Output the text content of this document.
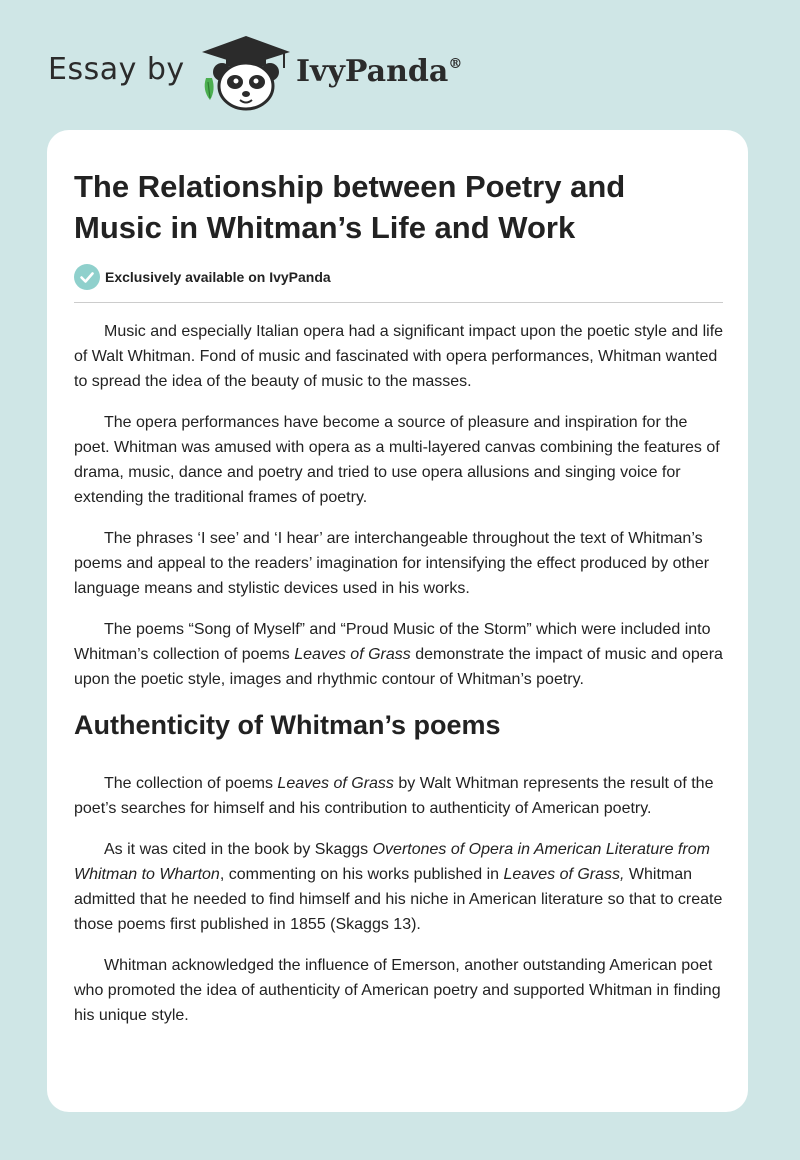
Essay by	IvyPanda®
The Relationship between Poetry and Music in Whitman’s Life and Work
Exclusively available on IvyPanda

Music and especially Italian opera had a significant impact upon the poetic style and life of Walt Whitman. Fond of music and fascinated with opera performances, Whitman wanted to spread the idea of the beauty of music to the masses.

The opera performances have become a source of pleasure and inspiration for the poet. Whitman was amused with opera as a multi-layered canvas combining the features of drama, music, dance and poetry and tried to use opera allusions and singing voice for extending the traditional frames of poetry.

The phrases ‘I see’ and ‘I hear’ are interchangeable throughout the text of Whitman’s poems and appeal to the readers’ imagination for intensifying the effect produced by other language means and stylistic devices used in his works.

The poems “Song of Myself” and “Proud Music of the Storm” which were included into Whitman’s collection of poems Leaves of Grass demonstrate the impact of music and opera upon the poetic style, images and rhythmic contour of Whitman’s poetry.

Authenticity of Whitman’s poems

The collection of poems Leaves of Grass by Walt Whitman represents the result of the poet’s searches for himself and his contribution to authenticity of American poetry.

As it was cited in the book by Skaggs Overtones of Opera in American Literature from Whitman to Wharton, commenting on his works published in Leaves of Grass, Whitman admitted that he needed to find himself and his niche in American literature so that to create those poems first published in 1855 (Skaggs 13).

Whitman acknowledged the influence of Emerson, another outstanding American poet who promoted the idea of authenticity of American poetry and supported Whitman in finding his unique style.
